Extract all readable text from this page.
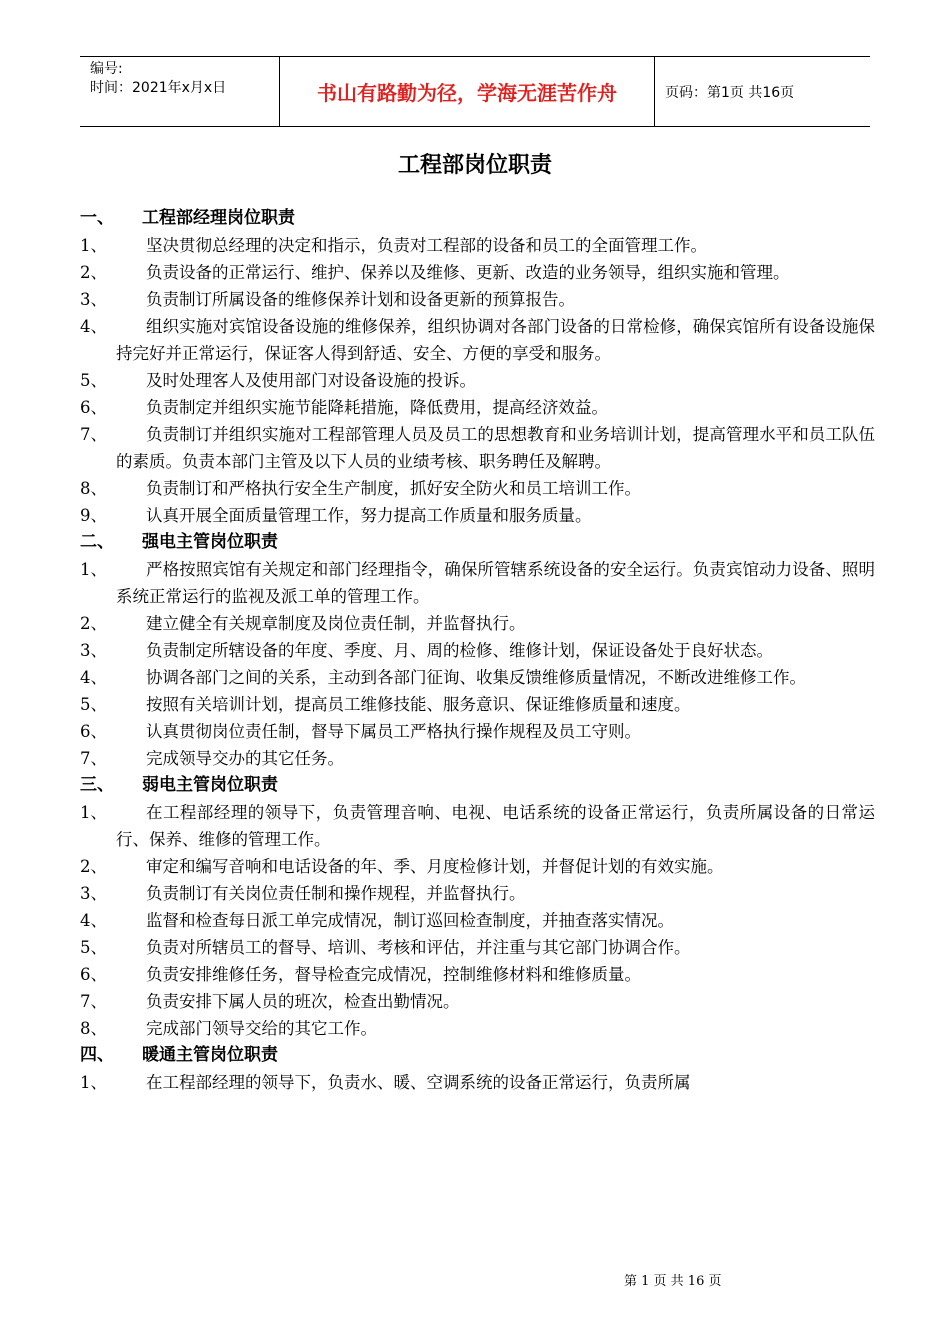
编号:
时间：2021年x月x日	书山有路勤为径，学海无涯苦作舟	页码：第1页 共16页
工程部岗位职责
一、 工程部经理岗位职责
1、	坚决贯彻总经理的决定和指示，负责对工程部的设备和员工的全面管理工作。
2、	负责设备的正常运行、维护、保养以及维修、更新、改造的业务领导，组织实施和管理。
3、	负责制订所属设备的维修保养计划和设备更新的预算报告。
4、	组织实施对宾馆设备设施的维修保养，组织协调对各部门设备的日常检修，确保宾馆所有设备设施保持完好并正常运行，保证客人得到舒适、安全、方便的享受和服务。
5、	及时处理客人及使用部门对设备设施的投诉。
6、	负责制定并组织实施节能降耗措施，降低费用，提高经济效益。
7、	负责制订并组织实施对工程部管理人员及员工的思想教育和业务培训计划，提高管理水平和员工队伍的素质。负责本部门主管及以下人员的业绩考核、职务聘任及解聘。
8、	负责制订和严格执行安全生产制度，抓好安全防火和员工培训工作。
9、	认真开展全面质量管理工作，努力提高工作质量和服务质量。
二、 强电主管岗位职责
1、	严格按照宾馆有关规定和部门经理指令，确保所管辖系统设备的安全运行。负责宾馆动力设备、照明系统正常运行的监视及派工单的管理工作。
2、	建立健全有关规章制度及岗位责任制，并监督执行。
3、	负责制定所辖设备的年度、季度、月、周的检修、维修计划，保证设备处于良好状态。
4、	协调各部门之间的关系，主动到各部门征询、收集反馈维修质量情况，不断改进维修工作。
5、	按照有关培训计划，提高员工维修技能、服务意识、保证维修质量和速度。
6、	认真贯彻岗位责任制，督导下属员工严格执行操作规程及员工守则。
7、	完成领导交办的其它任务。
三、 弱电主管岗位职责
1、	在工程部经理的领导下，负责管理音响、电视、电话系统的设备正常运行，负责所属设备的日常运行、保养、维修的管理工作。
2、	审定和编写音响和电话设备的年、季、月度检修计划，并督促计划的有效实施。
3、	负责制订有关岗位责任制和操作规程，并监督执行。
4、	监督和检查每日派工单完成情况，制订巡回检查制度，并抽查落实情况。
5、	负责对所辖员工的督导、培训、考核和评估，并注重与其它部门协调合作。
6、	负责安排维修任务，督导检查完成情况，控制维修材料和维修质量。
7、	负责安排下属人员的班次，检查出勤情况。
8、	完成部门领导交给的其它工作。
四、 暖通主管岗位职责
1、	在工程部经理的领导下，负责水、暖、空调系统的设备正常运行，负责所属
第 1 页 共 16 页
